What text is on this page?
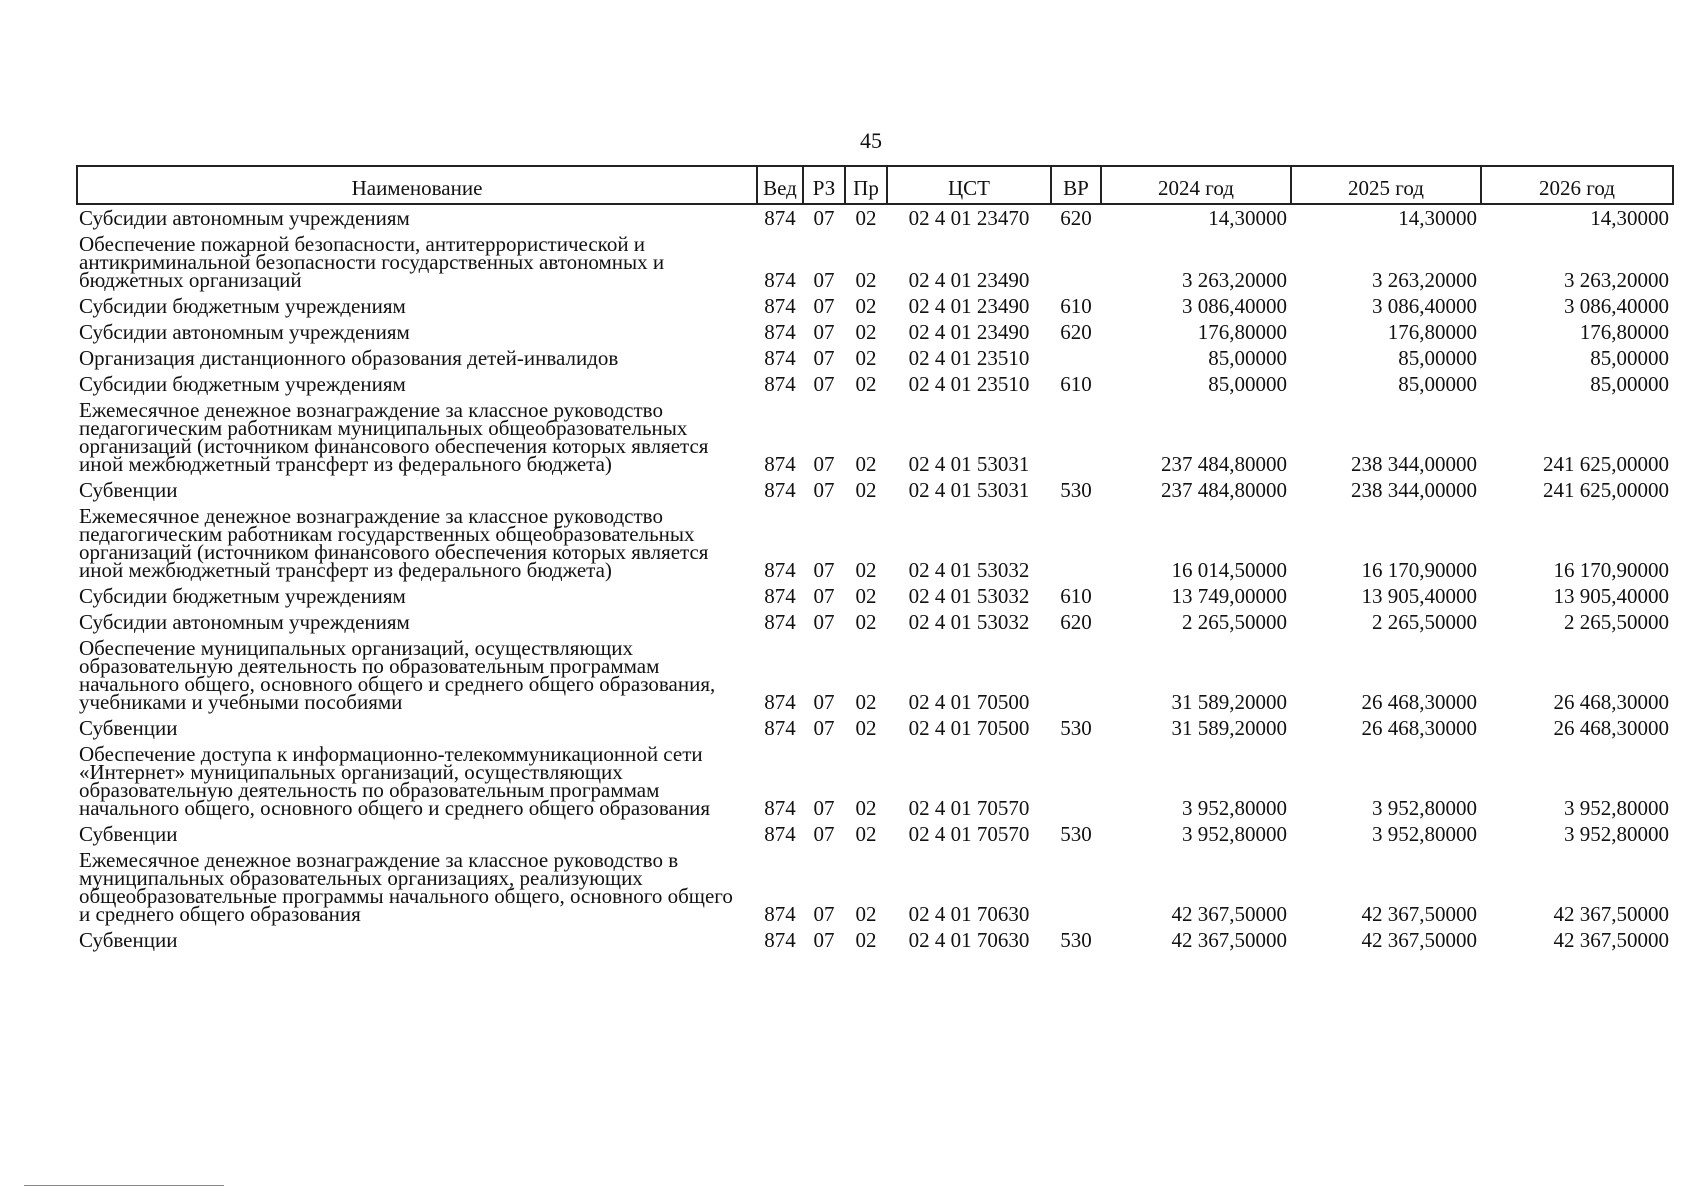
45
Наименование	Вед	РЗ	Пр	ЦСТ	ВР	2024 год	2025 год	2026 год
Субсидии автономным учреждениям	874	07	02	02 4 01 23470	620	14,30000	14,30000	14,30000
Обеспечение пожарной безопасности, антитеррористической и антикриминальной безопасности государственных автономных и бюджетных организаций	874	07	02	02 4 01 23490		3 263,20000	3 263,20000	3 263,20000
Субсидии бюджетным учреждениям	874	07	02	02 4 01 23490	610	3 086,40000	3 086,40000	3 086,40000
Субсидии автономным учреждениям	874	07	02	02 4 01 23490	620	176,80000	176,80000	176,80000
Организация дистанционного образования детей-инвалидов	874	07	02	02 4 01 23510		85,00000	85,00000	85,00000
Субсидии бюджетным учреждениям	874	07	02	02 4 01 23510	610	85,00000	85,00000	85,00000
Ежемесячное денежное вознаграждение за классное руководство педагогическим работникам муниципальных общеобразовательных организаций (источником финансового обеспечения которых является иной межбюджетный трансферт из федерального бюджета)	874	07	02	02 4 01 53031		237 484,80000	238 344,00000	241 625,00000
Субвенции	874	07	02	02 4 01 53031	530	237 484,80000	238 344,00000	241 625,00000
Ежемесячное денежное вознаграждение за классное руководство педагогическим работникам государственных общеобразовательных организаций (источником финансового обеспечения которых является иной межбюджетный трансферт из федерального бюджета)	874	07	02	02 4 01 53032		16 014,50000	16 170,90000	16 170,90000
Субсидии бюджетным учреждениям	874	07	02	02 4 01 53032	610	13 749,00000	13 905,40000	13 905,40000
Субсидии автономным учреждениям	874	07	02	02 4 01 53032	620	2 265,50000	2 265,50000	2 265,50000
Обеспечение муниципальных организаций, осуществляющих образовательную деятельность по образовательным программам начального общего, основного общего и среднего общего образования, учебниками и учебными пособиями	874	07	02	02 4 01 70500		31 589,20000	26 468,30000	26 468,30000
Субвенции	874	07	02	02 4 01 70500	530	31 589,20000	26 468,30000	26 468,30000
Обеспечение доступа к информационно-телекоммуникационной сети «Интернет» муниципальных организаций, осуществляющих образовательную деятельность по образовательным программам начального общего, основного общего и среднего общего образования	874	07	02	02 4 01 70570		3 952,80000	3 952,80000	3 952,80000
Субвенции	874	07	02	02 4 01 70570	530	3 952,80000	3 952,80000	3 952,80000
Ежемесячное денежное вознаграждение за классное руководство в муниципальных образовательных организациях, реализующих общеобразовательные программы начального общего, основного общего и среднего общего образования	874	07	02	02 4 01 70630		42 367,50000	42 367,50000	42 367,50000
Субвенции	874	07	02	02 4 01 70630	530	42 367,50000	42 367,50000	42 367,50000
